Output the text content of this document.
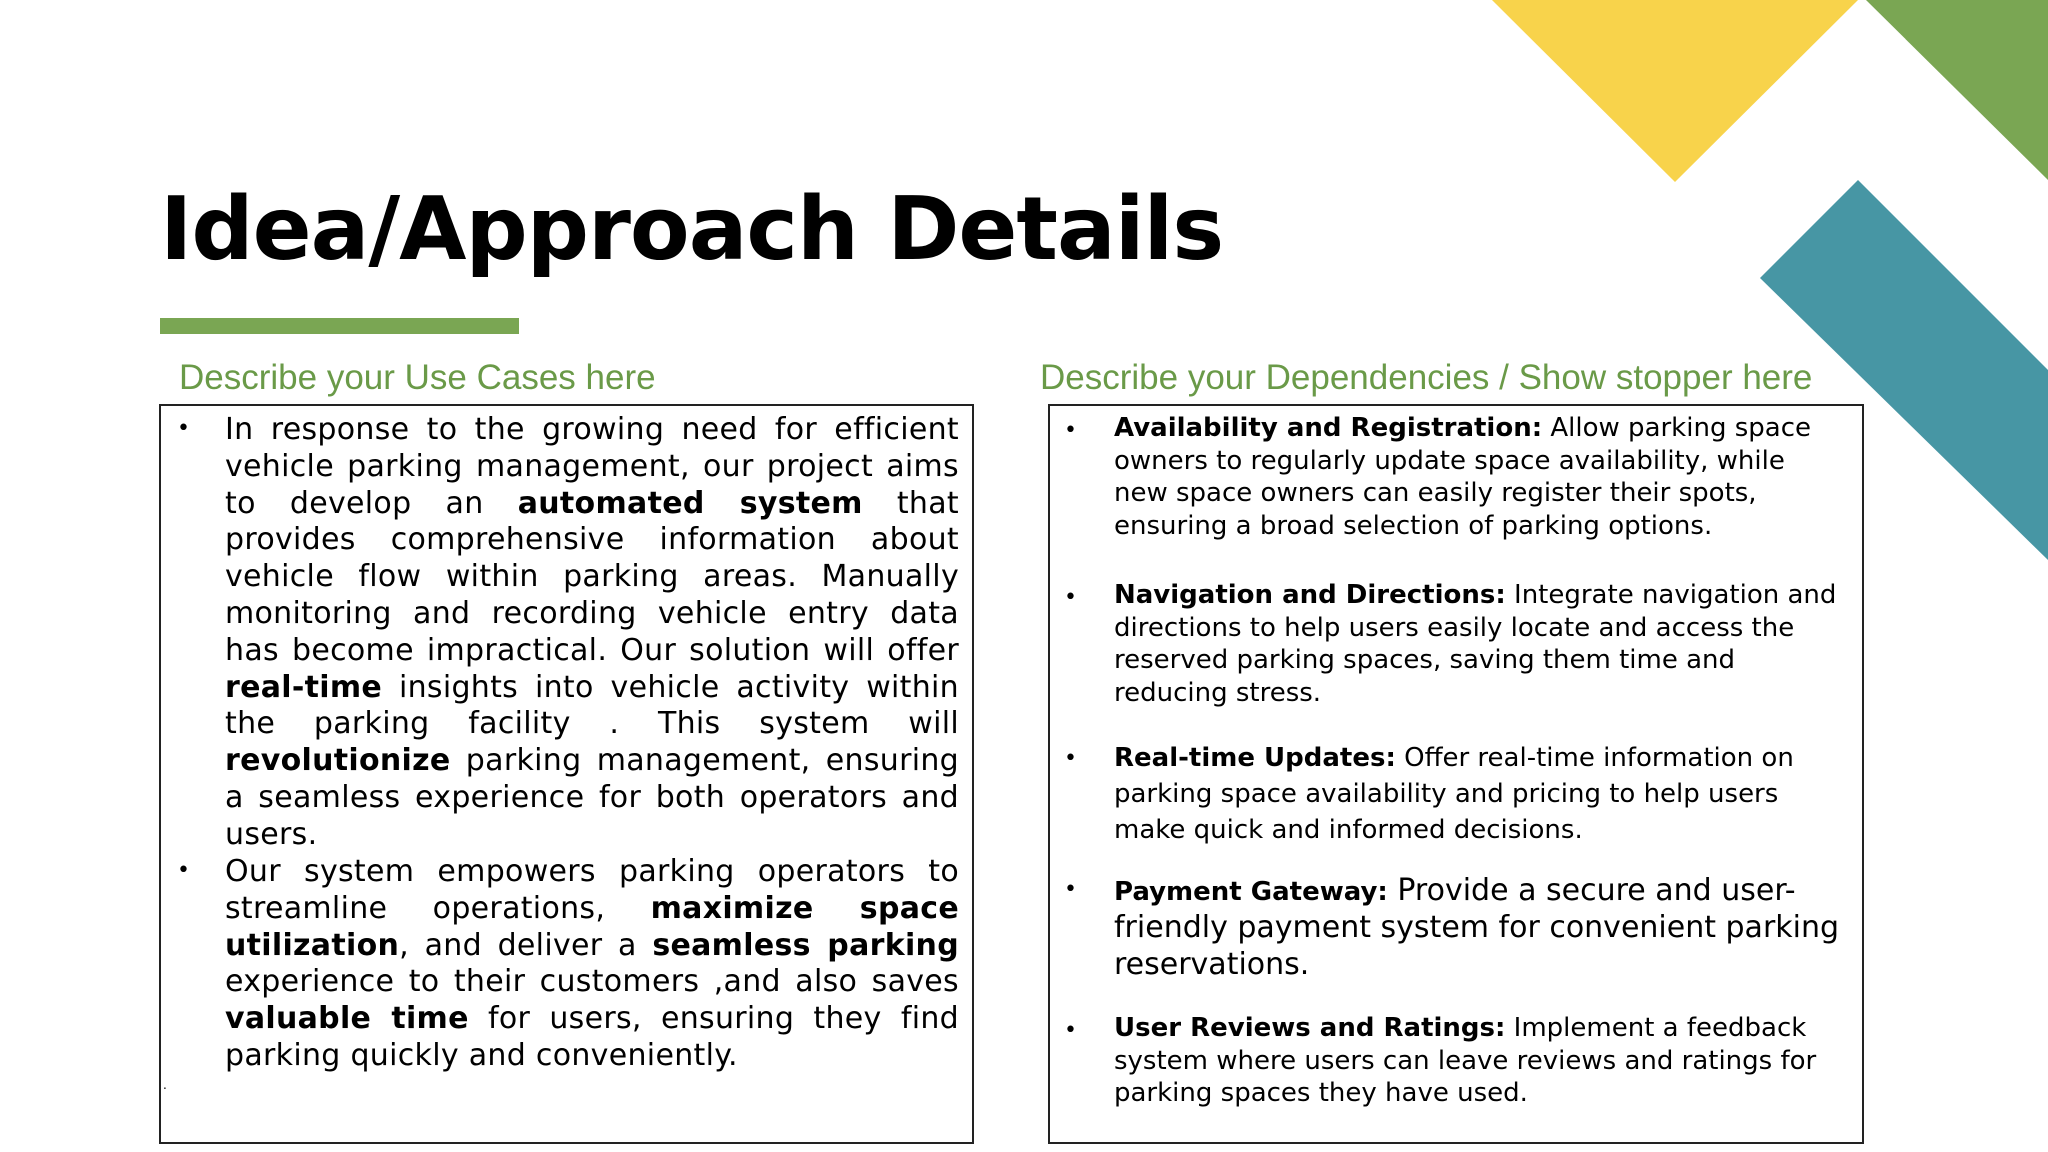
Idea/Approach Details
Describe your Use Cases here	Describe your Dependencies / Show stopper here
• In response to the growing need for efficient vehicle parking management, our project aims to develop an automated system that provides comprehensive information about vehicle flow within parking areas. Manually monitoring and recording vehicle entry data has become impractical. Our solution will offer real-time insights into vehicle activity within the parking facility . This system will revolutionize parking management, ensuring a seamless experience for both operators and users.
• Our system empowers parking operators to streamline operations, maximize space utilization, and deliver a seamless parking experience to their customers ,and also saves valuable time for users, ensuring they find parking quickly and conveniently.
.
• Availability and Registration: Allow parking space owners to regularly update space availability, while new space owners can easily register their spots, ensuring a broad selection of parking options.
• Navigation and Directions: Integrate navigation and directions to help users easily locate and access the reserved parking spaces, saving them time and reducing stress.
• Real-time Updates: Offer real-time information on parking space availability and pricing to help users make quick and informed decisions.
• Payment Gateway: Provide a secure and user-friendly payment system for convenient parking reservations.
• User Reviews and Ratings: Implement a feedback system where users can leave reviews and ratings for parking spaces they have used.
